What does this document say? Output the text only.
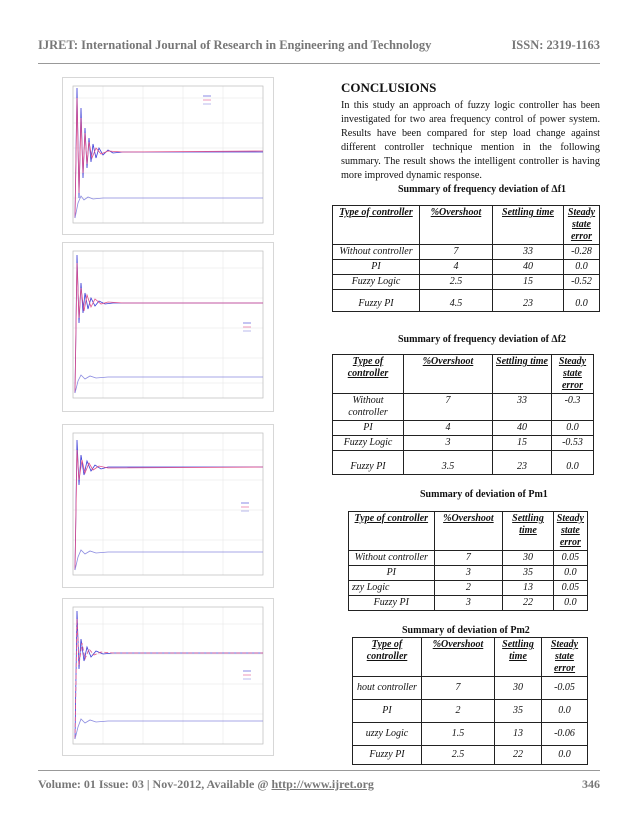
IJRET: International Journal of Research in Engineering and Technology	ISSN: 2319-1163
CONCLUSIONS
In this study an approach of fuzzy logic controller has been investigated for two area frequency control of power system. Results have been compared for step load change against different controller technique mention in the following summary. The result shows the intelligent controller is having more improved dynamic response.
Summary of frequency deviation of Δf1
Type of controller	%Overshoot	Settling time	Steady state error
Without controller	7	33	-0.28
PI	4	40	0.0
Fuzzy Logic	2.5	15	-0.52
Fuzzy PI	4.5	23	0.0
Summary of frequency deviation of Δf2
Type of controller	%Overshoot	Settling time	Steady state error
Without controller	7	33	-0.3
PI	4	40	0.0
Fuzzy Logic	3	15	-0.53
Fuzzy PI	3.5	23	0.0
Summary of deviation of Pm1
Type of controller	%Overshoot	Settling time	Steady state error
Without controller	7	30	0.05
PI	3	35	0.0
zzy Logic	2	13	0.05
Fuzzy PI	3	22	0.0
Summary of deviation of Pm2
Type of controller	%Overshoot	Settling time	Steady state error
hout controller	7	30	-0.05
PI	2	35	0.0
uzzy Logic	1.5	13	-0.06
Fuzzy PI	2.5	22	0.0
Volume: 01 Issue: 03 | Nov-2012, Available @ http://www.ijret.org	346
